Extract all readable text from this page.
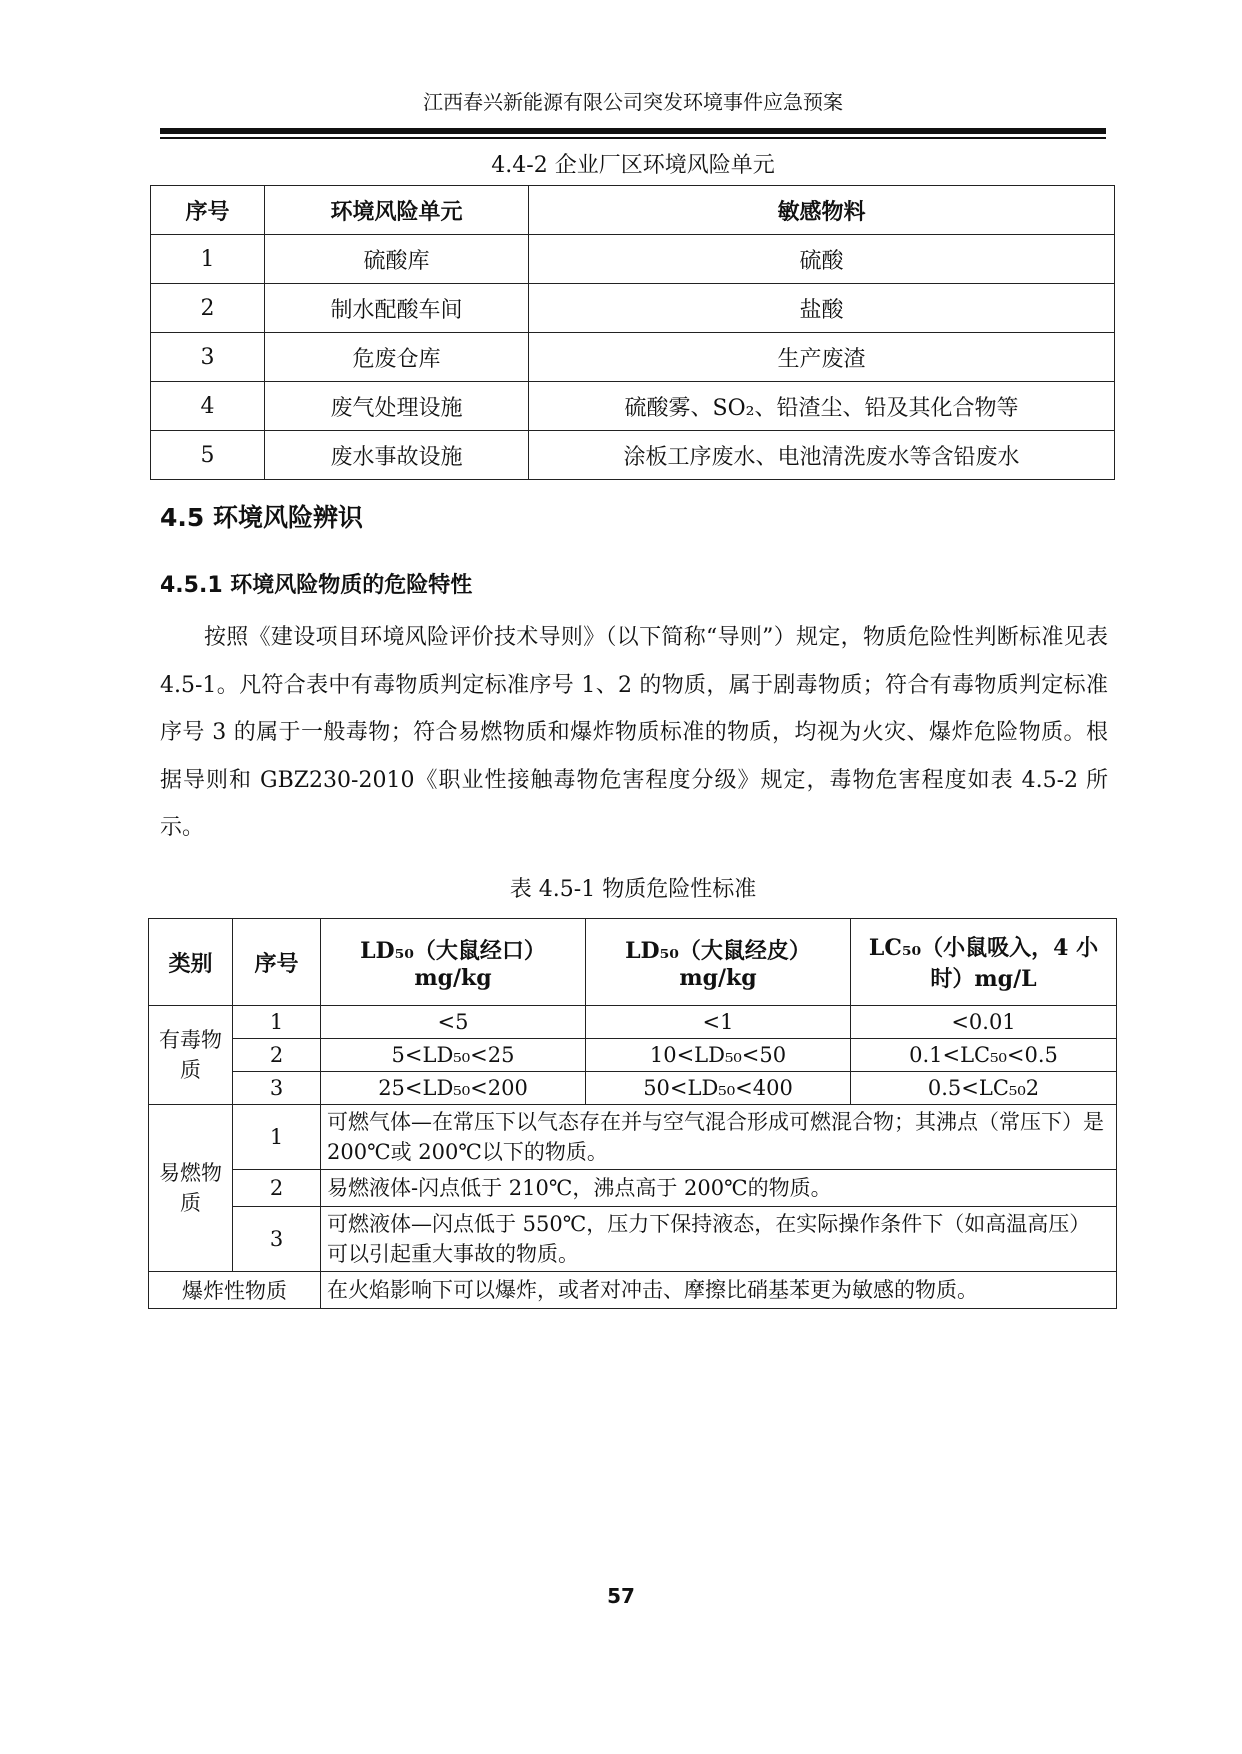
江西春兴新能源有限公司突发环境事件应急预案
4.4-2 企业厂区环境风险单元
序号	环境风险单元	敏感物料
1	硫酸库	硫酸
2	制水配酸车间	盐酸
3	危废仓库	生产废渣
4	废气处理设施	硫酸雾、SO₂、铅渣尘、铅及其化合物等
5	废水事故设施	涂板工序废水、电池清洗废水等含铅废水
4.5 环境风险辨识
4.5.1 环境风险物质的危险特性

按照《建设项目环境风险评价技术导则》（以下简称“导则”）规定，物质危险性判断标准见表 4.5-1。凡符合表中有毒物质判定标准序号 1、2 的物质，属于剧毒物质；符合有毒物质判定标准序号 3 的属于一般毒物；符合易燃物质和爆炸物质标准的物质，均视为火灾、爆炸危险物质。根据导则和 GBZ230-2010《职业性接触毒物危害程度分级》规定，毒物危害程度如表 4.5-2 所示。

表 4.5-1 物质危险性标准
类别	序号	LD₅₀（大鼠经口）mg/kg	LD₅₀（大鼠经皮）mg/kg	LC₅₀（小鼠吸入，4 小时）mg/L
有毒物质	1	<5	<1	<0.01
	2	5<LD₅₀<25	10<LD₅₀<50	0.1<LC₅₀<0.5
	3	25<LD₅₀<200	50<LD₅₀<400	0.5<LC₅₀2
易燃物质	1	可燃气体—在常压下以气态存在并与空气混合形成可燃混合物；其沸点（常压下）是 200℃或 200℃以下的物质。		
	2	易燃液体-闪点低于 210℃，沸点高于 200℃的物质。		
	3	可燃液体—闪点低于 550℃，压力下保持液态，在实际操作条件下（如高温高压）可以引起重大事故的物质。		
爆炸性物质		在火焰影响下可以爆炸，或者对冲击、摩擦比硝基苯更为敏感的物质。		
57
